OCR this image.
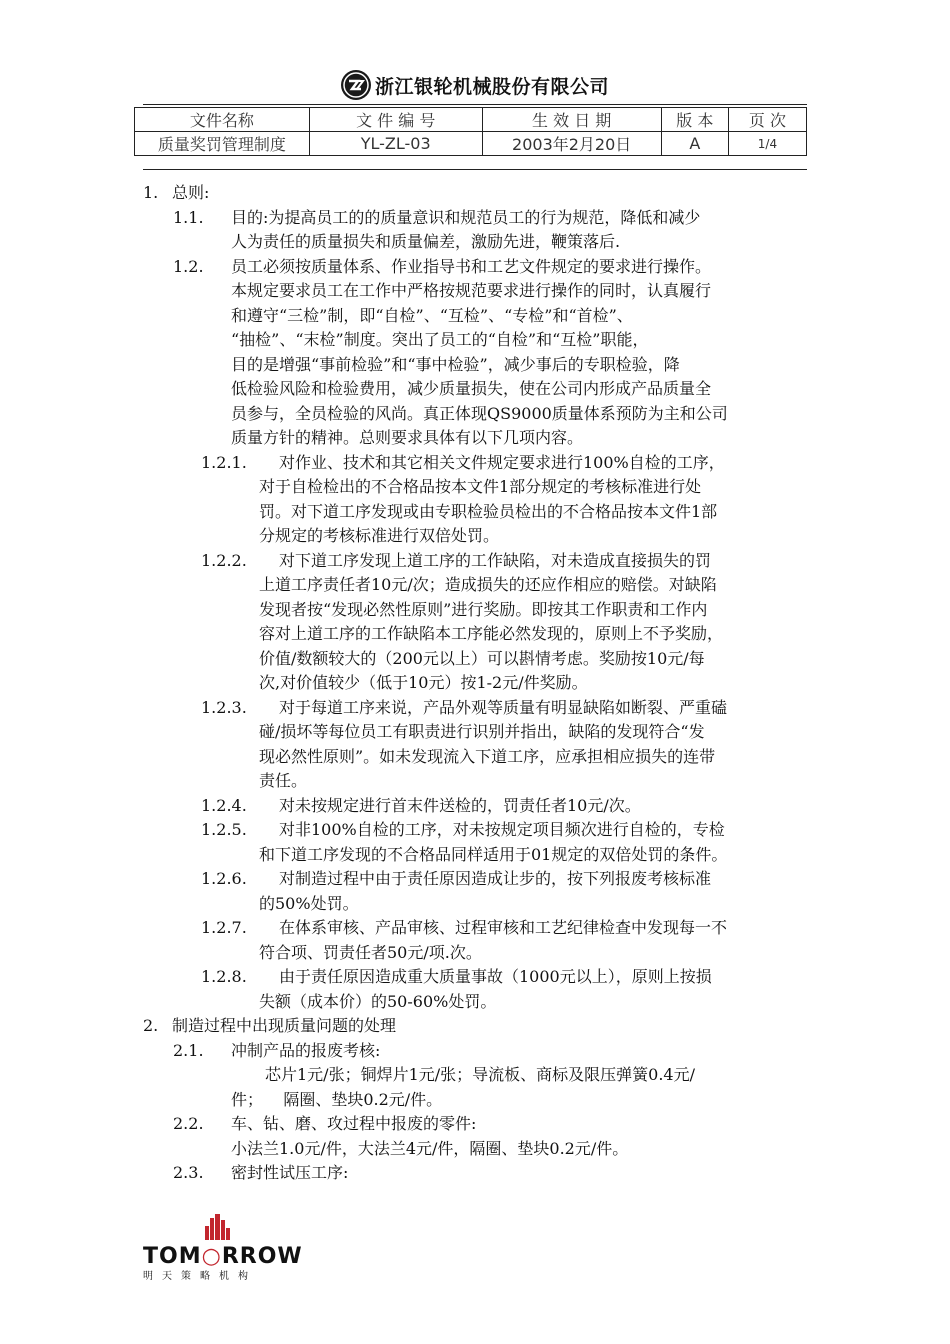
浙江银轮机械股份有限公司
文件名称	文 件 编 号	生 效 日 期	版 本	页 次
质量奖罚管理制度	YL-ZL-03	2003年2月20日	A	1/4
1. 总则:
1.1. 目的:为提高员工的的质量意识和规范员工的行为规范，降低和减少
人为责任的质量损失和质量偏差，激励先进，鞭策落后.
1.2. 员工必须按质量体系、作业指导书和工艺文件规定的要求进行操作。
本规定要求员工在工作中严格按规范要求进行操作的同时，认真履行
和遵守“三检”制，即“自检”、“互检”、“专检”和“首检”、
“抽检”、“末检”制度。突出了员工的“自检”和“互检”职能，
目的是增强“事前检验”和“事中检验”，减少事后的专职检验，降
低检验风险和检验费用，减少质量损失，使在公司内形成产品质量全
员参与，全员检验的风尚。真正体现QS9000质量体系预防为主和公司
质量方针的精神。总则要求具体有以下几项内容。
1.2.1. 对作业、技术和其它相关文件规定要求进行100%自检的工序，
对于自检检出的不合格品按本文件1部分规定的考核标准进行处
罚。对下道工序发现或由专职检验员检出的不合格品按本文件1部
分规定的考核标准进行双倍处罚。
1.2.2. 对下道工序发现上道工序的工作缺陷，对未造成直接损失的罚
上道工序责任者10元/次；造成损失的还应作相应的赔偿。对缺陷
发现者按“发现必然性原则”进行奖励。即按其工作职责和工作内
容对上道工序的工作缺陷本工序能必然发现的，原则上不予奖励，
价值/数额较大的（200元以上）可以斟情考虑。奖励按10元/每
次,对价值较少（低于10元）按1-2元/件奖励。
1.2.3. 对于每道工序来说，产品外观等质量有明显缺陷如断裂、严重磕
碰/损坏等每位员工有职责进行识别并指出，缺陷的发现符合“发
现必然性原则”。如未发现流入下道工序，应承担相应损失的连带
责任。
1.2.4. 对未按规定进行首末件送检的，罚责任者10元/次。
1.2.5. 对非100%自检的工序，对未按规定项目频次进行自检的，专检
和下道工序发现的不合格品同样适用于01规定的双倍处罚的条件。
1.2.6. 对制造过程中由于责任原因造成让步的，按下列报废考核标准
的50%处罚。
1.2.7. 在体系审核、产品审核、过程审核和工艺纪律检查中发现每一不
符合项、罚责任者50元/项.次。
1.2.8. 由于责任原因造成重大质量事故（1000元以上），原则上按损
失额（成本价）的50-60%处罚。
2. 制造过程中出现质量问题的处理
2.1. 冲制产品的报废考核:
芯片1元/张；铜焊片1元/张；导流板、商标及限压弹簧0.4元/
件；    隔圈、垫块0.2元/件。
2.2. 车、钻、磨、攻过程中报废的零件:
小法兰1.0元/件，大法兰4元/件，隔圈、垫块0.2元/件。
2.3. 密封性试压工序:
TOM○RROW
明天策略机构
